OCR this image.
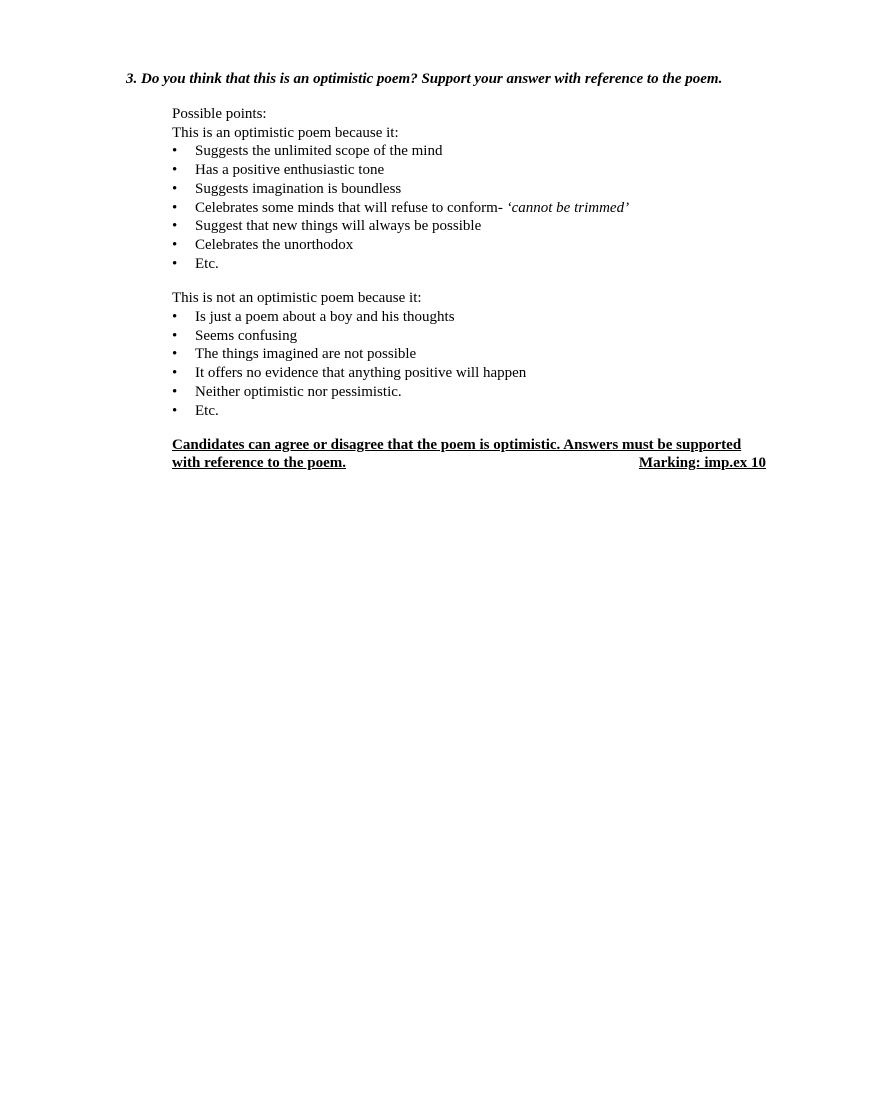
3. Do you think that this is an optimistic poem? Support your answer with reference to the poem.

Possible points:

This is an optimistic poem because it:

•	Suggests the unlimited scope of the mind
•	Has a positive enthusiastic tone
•	Suggests imagination is boundless
•	Celebrates some minds that will refuse to conform- ‘cannot be trimmed’
•	Suggest that new things will always be possible
•	Celebrates the unorthodox
•	Etc.

This is not an optimistic poem because it:

•	Is just a poem about a boy and his thoughts
•	Seems confusing
•	The things imagined are not possible
•	It offers no evidence that anything positive will happen
•	Neither optimistic nor pessimistic.
•	Etc.
Candidates can agree or disagree that the poem is optimistic. Answers must be supported
with reference to the poem.	Marking: imp.ex 10
